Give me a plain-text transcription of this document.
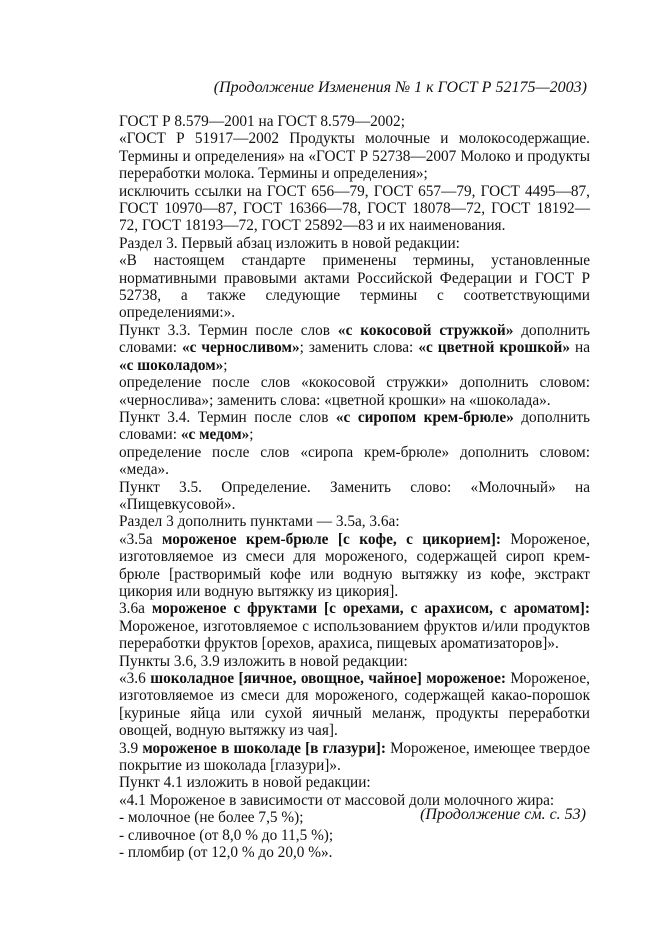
(Продолжение Изменения № 1 к ГОСТ Р 52175—2003)

ГОСТ Р 8.579—2001 на ГОСТ 8.579—2002;

«ГОСТ Р 51917—2002 Продукты молочные и молокосодержащие. Термины и определения» на «ГОСТ Р 52738—2007 Молоко и продукты переработки молока. Термины и определения»;

исключить ссылки на ГОСТ 656—79, ГОСТ 657—79, ГОСТ 4495—87, ГОСТ 10970—87, ГОСТ 16366—78, ГОСТ 18078—72, ГОСТ 18192—72, ГОСТ 18193—72, ГОСТ 25892—83 и их наименования.

Раздел 3. Первый абзац изложить в новой редакции:

«В настоящем стандарте применены термины, установленные нормативными правовыми актами Российской Федерации и ГОСТ Р 52738, а также следующие термины с соответствующими определениями:».

Пункт 3.3. Термин после слов «с кокосовой стружкой» дополнить словами: «с черносливом»; заменить слова: «с цветной крошкой» на «с шоколадом»;

определение после слов «кокосовой стружки» дополнить словом: «чернослива»; заменить слова: «цветной крошки» на «шоколада».

Пункт 3.4. Термин после слов «с сиропом крем-брюле» дополнить словами: «с медом»;

определение после слов «сиропа крем-брюле» дополнить словом: «меда».

Пункт 3.5. Определение. Заменить слово: «Молочный» на «Пищевкусовой».

Раздел 3 дополнить пунктами — 3.5а, 3.6а:

«3.5а мороженое крем-брюле [с кофе, с цикорием]: Мороженое, изготовляемое из смеси для мороженого, содержащей сироп крем-брюле [растворимый кофе или водную вытяжку из кофе, экстракт цикория или водную вытяжку из цикория].

3.6а мороженое с фруктами [с орехами, с арахисом, с ароматом]: Мороженое, изготовляемое с использованием фруктов и/или продуктов переработки фруктов [орехов, арахиса, пищевых ароматизаторов]».

Пункты 3.6, 3.9 изложить в новой редакции:

«3.6 шоколадное [яичное, овощное, чайное] мороженое: Мороженое, изготовляемое из смеси для мороженого, содержащей какао-порошок [куриные яйца или сухой яичный меланж, продукты переработки овощей, водную вытяжку из чая].

3.9 мороженое в шоколаде [в глазури]: Мороженое, имеющее твердое покрытие из шоколада [глазури]».

Пункт 4.1 изложить в новой редакции:

«4.1 Мороженое в зависимости от массовой доли молочного жира:

- молочное (не более 7,5 %);

- сливочное (от 8,0 % до 11,5 %);

- пломбир (от 12,0 % до 20,0 %».

(Продолжение см. с. 53)
